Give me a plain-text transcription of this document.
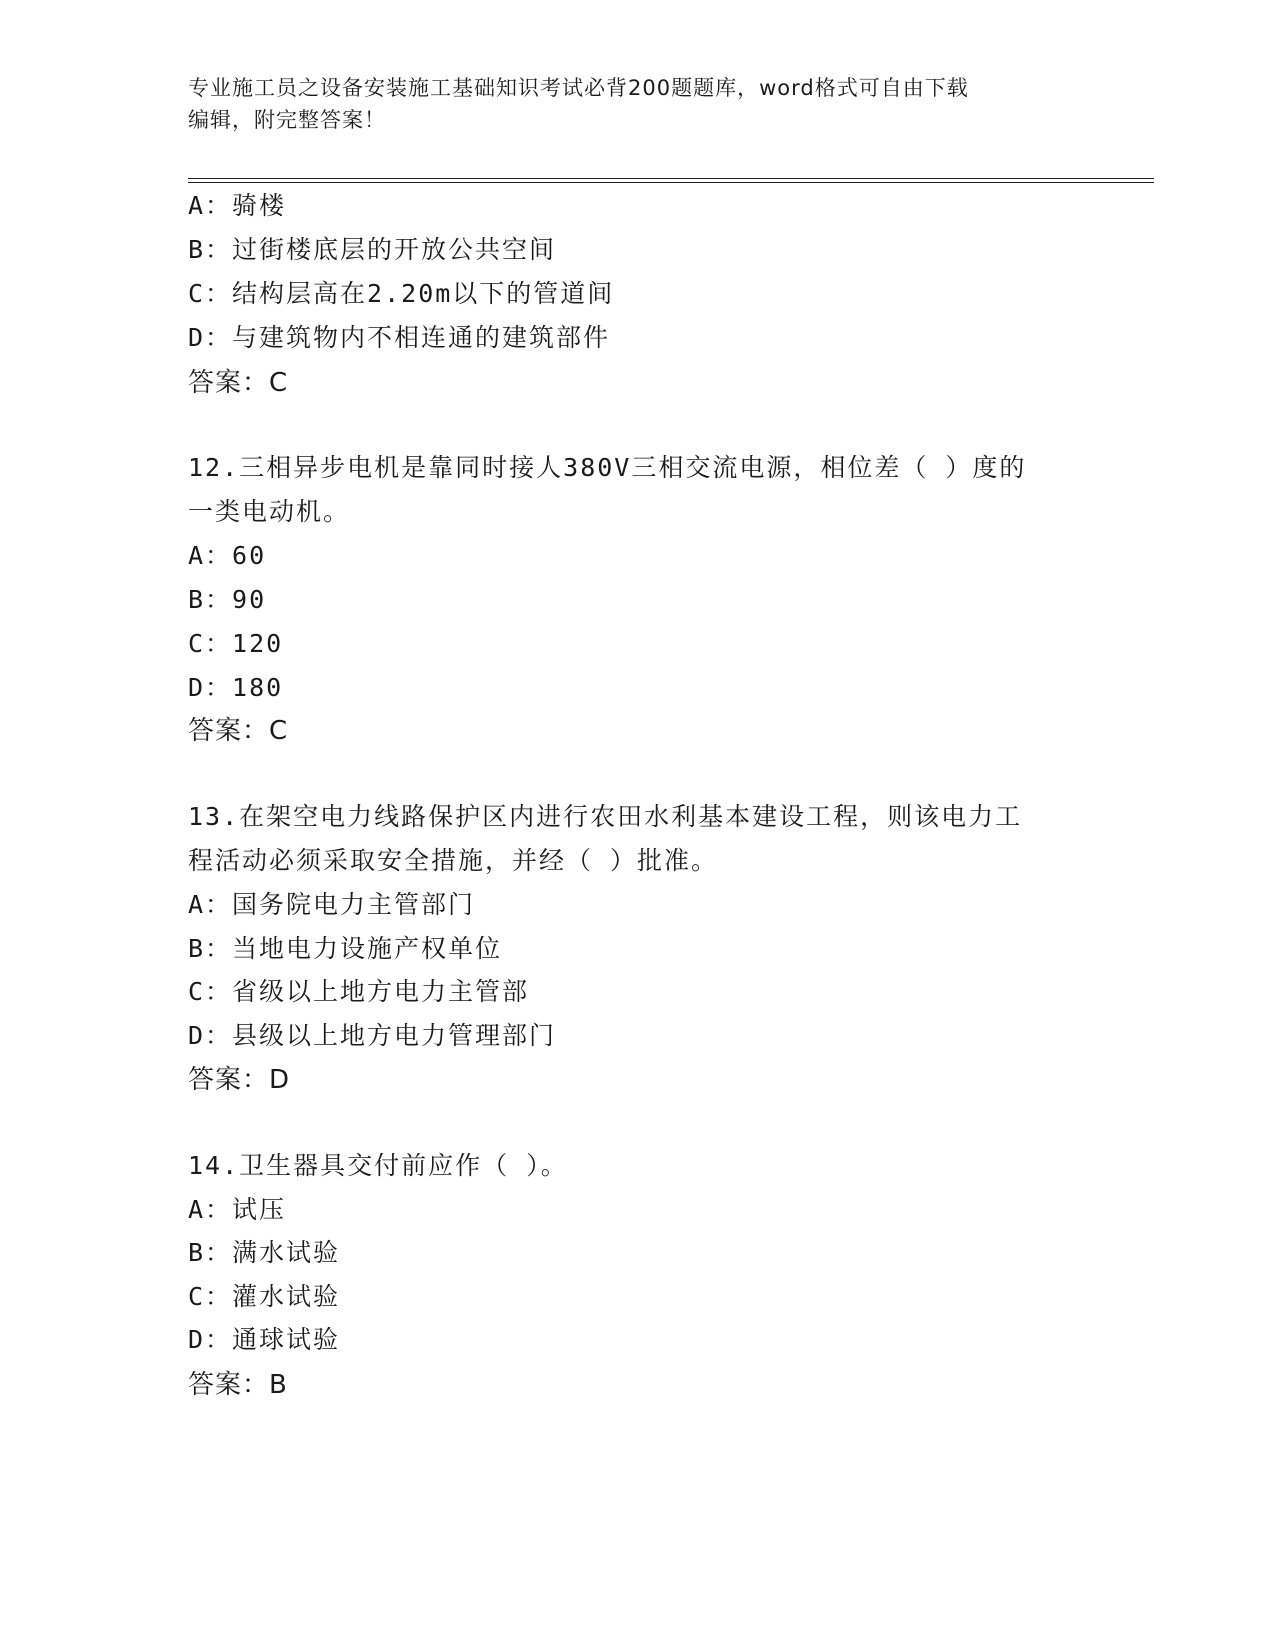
专业施工员之设备安装施工基础知识考试必背200题题库，word格式可自由下载
编辑，附完整答案！
A：骑楼
B：过街楼底层的开放公共空间
C：结构层高在2.20m以下的管道间
D：与建筑物内不相连通的建筑部件
答案：C
12.三相异步电机是靠同时接人380V三相交流电源，相位差（ ）度的
一类电动机。
A：60
B：90
C：120
D：180
答案：C
13.在架空电力线路保护区内进行农田水利基本建设工程，则该电力工
程活动必须采取安全措施，并经（ ）批准。
A：国务院电力主管部门
B：当地电力设施产权单位
C：省级以上地方电力主管部
D：县级以上地方电力管理部门
答案：D
14.卫生器具交付前应作（ ）。
A：试压
B：满水试验
C：灌水试验
D：通球试验
答案：B
